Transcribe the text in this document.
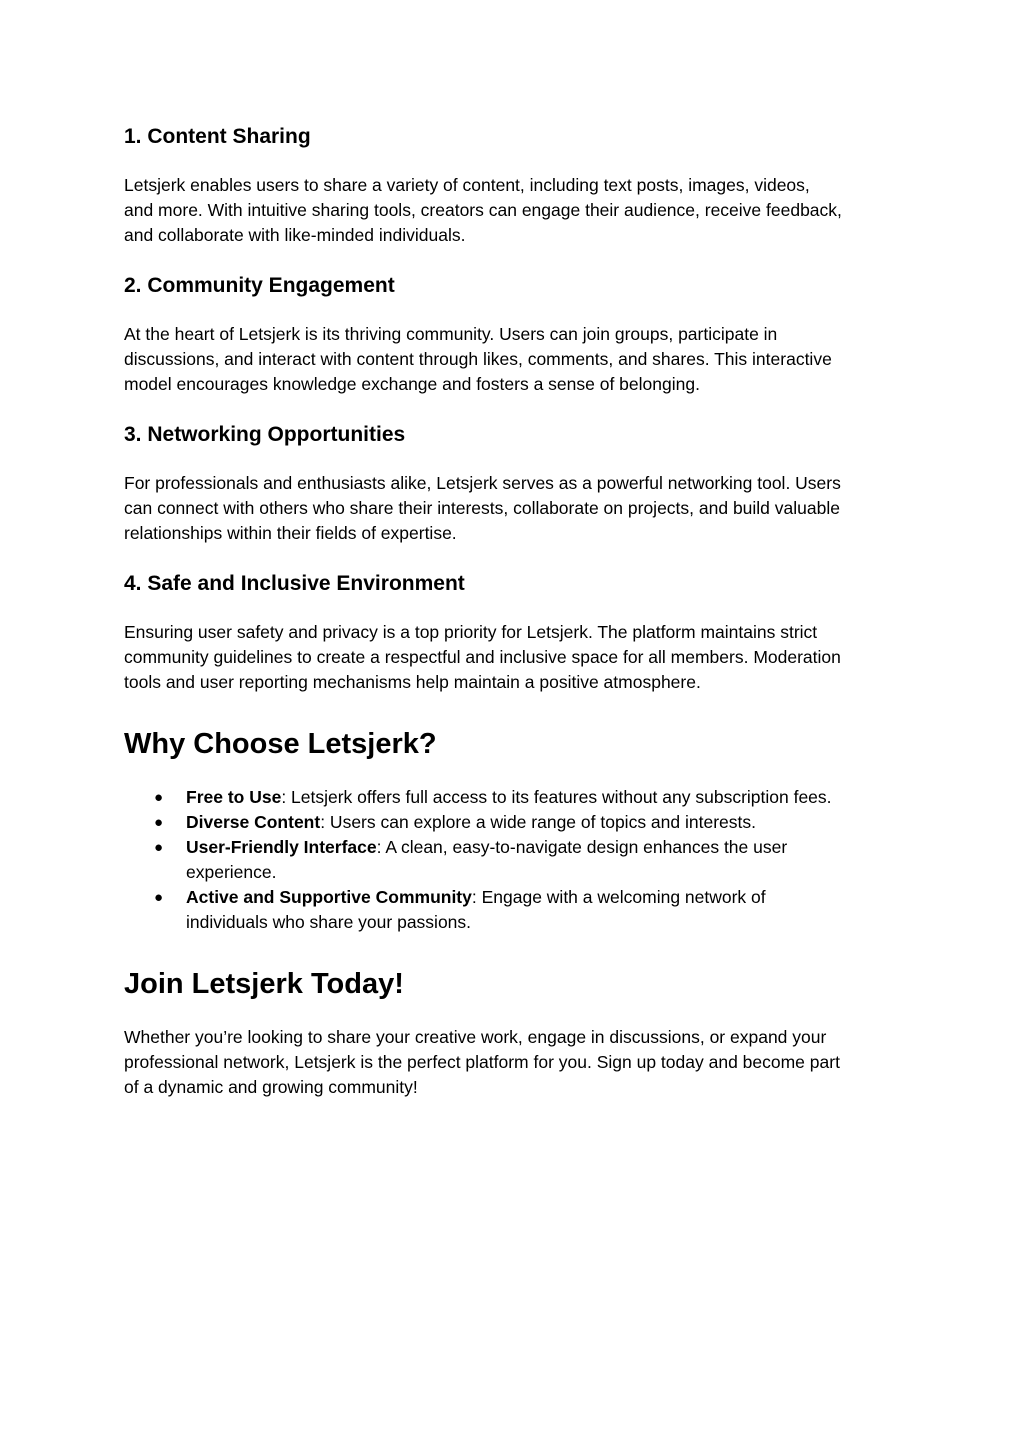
1. Content Sharing

Letsjerk enables users to share a variety of content, including text posts, images, videos,
and more. With intuitive sharing tools, creators can engage their audience, receive feedback,
and collaborate with like-minded individuals.

2. Community Engagement

At the heart of Letsjerk is its thriving community. Users can join groups, participate in
discussions, and interact with content through likes, comments, and shares. This interactive
model encourages knowledge exchange and fosters a sense of belonging.

3. Networking Opportunities

For professionals and enthusiasts alike, Letsjerk serves as a powerful networking tool. Users
can connect with others who share their interests, collaborate on projects, and build valuable
relationships within their fields of expertise.

4. Safe and Inclusive Environment

Ensuring user safety and privacy is a top priority for Letsjerk. The platform maintains strict
community guidelines to create a respectful and inclusive space for all members. Moderation
tools and user reporting mechanisms help maintain a positive atmosphere.

Why Choose Letsjerk?
● Free to Use: Letsjerk offers full access to its features without any subscription fees.
● Diverse Content: Users can explore a wide range of topics and interests.
● User-Friendly Interface: A clean, easy-to-navigate design enhances the user
experience.
● Active and Supportive Community: Engage with a welcoming network of
individuals who share your passions.
Join Letsjerk Today!

Whether you’re looking to share your creative work, engage in discussions, or expand your
professional network, Letsjerk is the perfect platform for you. Sign up today and become part
of a dynamic and growing community!
